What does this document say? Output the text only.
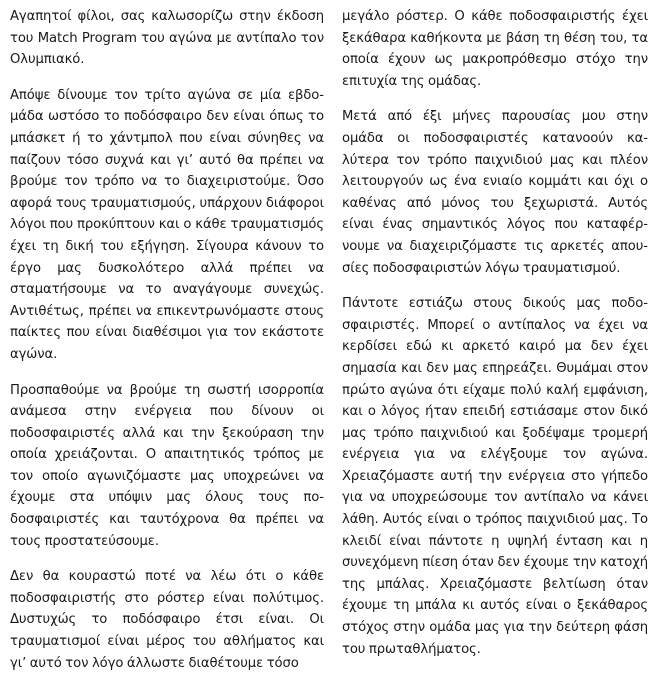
Αγαπητοί φίλοι, σας καλωσορίζω στην έκδοση του Match Program του αγώνα με αντίπαλο τον Ολυμπιακό.

Απόψε δίνουμε τον τρίτο αγώνα σε μία εβδομάδα ωστόσο το ποδόσφαιρο δεν είναι όπως το μπάσκετ ή το χάντμπολ που είναι σύνηθες να παίζουν τόσο συχνά και γι’ αυτό θα πρέπει να βρούμε τον τρόπο να το διαχειριστούμε. Όσο αφορά τους τραυματισμούς, υπάρχουν διάφοροι λόγοι που προκύπτουν και ο κάθε τραυματισμός έχει τη δική του εξήγηση. Σίγουρα κάνουν το έργο μας δυσκολότερο αλλά πρέπει να σταματήσουμε να το αναγάγουμε συνεχώς. Αντιθέτως, πρέπει να επικεντρωνόμαστε στους παίκτες που είναι διαθέσιμοι για τον εκάστοτε αγώνα.

Προσπαθούμε να βρούμε τη σωστή ισορροπία ανάμεσα στην ενέργεια που δίνουν οι ποδοσφαιριστές αλλά και την ξεκούραση την οποία χρειάζονται. Ο απαιτητικός τρόπος με τον οποίο αγωνιζόμαστε μας υποχρεώνει να έχουμε στα υπόψιν μας όλους τους ποδοσφαιριστές και ταυτόχρονα θα πρέπει να τους προστατεύσουμε.

Δεν θα κουραστώ ποτέ να λέω ότι ο κάθε ποδοσφαιριστής στο ρόστερ είναι πολύτιμος. Δυστυχώς το ποδόσφαιρο έτσι είναι. Οι τραυματισμοί είναι μέρος του αθλήματος και γι’ αυτό τον λόγο άλλωστε διαθέτουμε τόσο

μεγάλο ρόστερ. Ο κάθε ποδοσφαιριστής έχει ξεκάθαρα καθήκοντα με βάση τη θέση του, τα οποία έχουν ως μακροπρόθεσμο στόχο την επιτυχία της ομάδας.

Μετά από έξι μήνες παρουσίας μου στην ομάδα οι ποδοσφαιριστές κατανοούν καλύτερα τον τρόπο παιχνιδιού μας και πλέον λειτουργούν ως ένα ενιαίο κομμάτι και όχι ο καθένας από μόνος του ξεχωριστά. Αυτός είναι ένας σημαντικός λόγος που καταφέρνουμε να διαχειριζόμαστε τις αρκετές απουσίες ποδοσφαιριστών λόγω τραυματισμού.

Πάντοτε εστιάζω στους δικούς μας ποδοσφαιριστές. Μπορεί ο αντίπαλος να έχει να κερδίσει εδώ κι αρκετό καιρό μα δεν έχει σημασία και δεν μας επηρεάζει. Θυμάμαι στον πρώτο αγώνα ότι είχαμε πολύ καλή εμφάνιση, και ο λόγος ήταν επειδή εστιάσαμε στον δικό μας τρόπο παιχνιδιού και ξοδέψαμε τρομερή ενέργεια για να ελέγξουμε τον αγώνα. Χρειαζόμαστε αυτή την ενέργεια στο γήπεδο για να υποχρεώσουμε τον αντίπαλο να κάνει λάθη. Αυτός είναι ο τρόπος παιχνιδιού μας. Το κλειδί είναι πάντοτε η υψηλή ένταση και η συνεχόμενη πίεση όταν δεν έχουμε την κατοχή της μπάλας. Χρειαζόμαστε βελτίωση όταν έχουμε τη μπάλα κι αυτός είναι ο ξεκάθαρος στόχος στην ομάδα μας για την δεύτερη φάση του πρωταθλήματος.
